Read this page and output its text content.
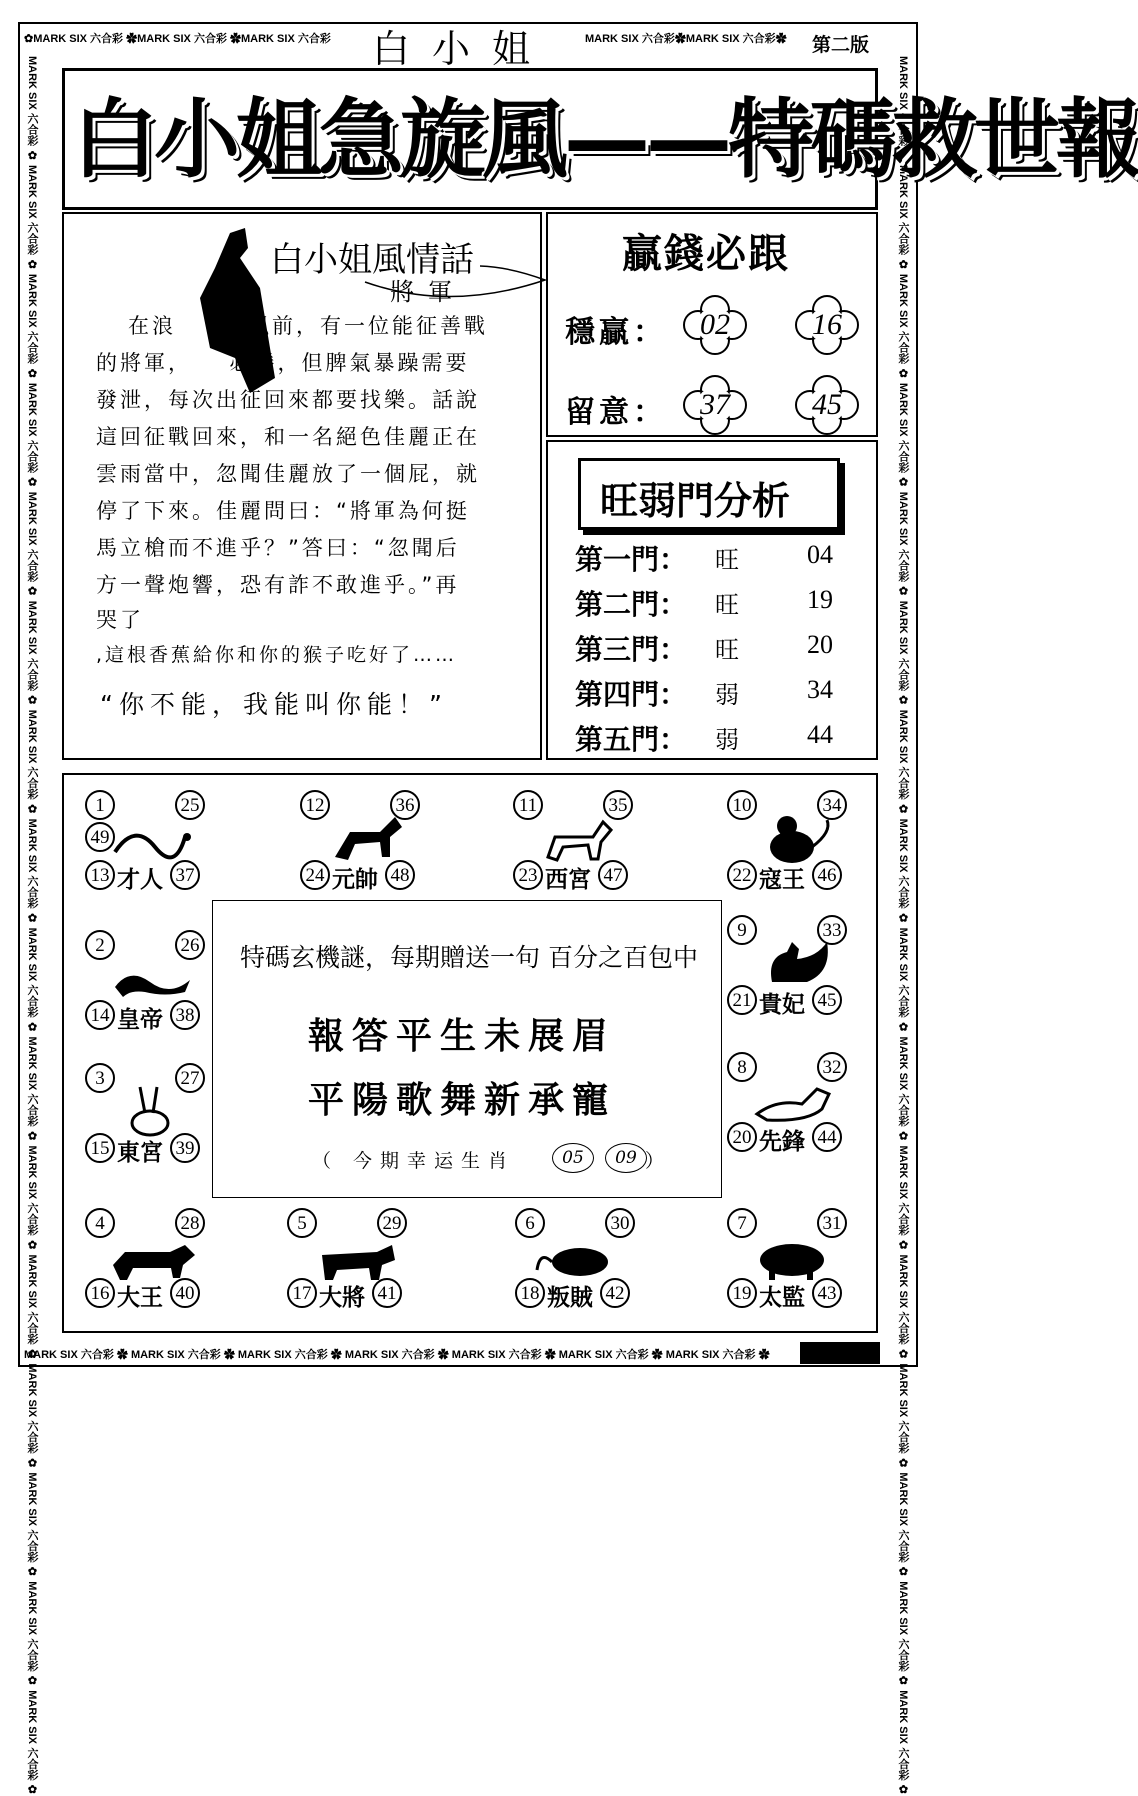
✿MARK SIX 六合彩 ✿MARK SIX 六合彩 ✿MARK SIX 六合彩	白小姐	MARK SIX 六合彩✿MARK SIX 六合彩✿	第二版
MARK SIX 六合彩 ✿ MARK SIX 六合彩 ✿ MARK SIX 六合彩 ✿ MARK SIX 六合彩 ✿ MARK SIX 六合彩 ✿ MARK SIX 六合彩 ✿ MARK SIX 六合彩 ✿ MARK SIX 六合彩 ✿ MARK SIX 六合彩 ✿ MARK SIX 六合彩 ✿ MARK SIX 六合彩 ✿ MARK SIX 六合彩 ✿ MARK SIX 六合彩 ✿ MARK SIX 六合彩 ✿ MARK SIX 六合彩 ✿ MARK SIX 六合彩 ✿	MARK SIX 六合彩 ✿ MARK SIX 六合彩 ✿ MARK SIX 六合彩 ✿ MARK SIX 六合彩 ✿ MARK SIX 六合彩 ✿ MARK SIX 六合彩 ✿ MARK SIX 六合彩 ✿ MARK SIX 六合彩 ✿ MARK SIX 六合彩 ✿ MARK SIX 六合彩 ✿ MARK SIX 六合彩 ✿ MARK SIX 六合彩 ✿ MARK SIX 六合彩 ✿ MARK SIX 六合彩 ✿ MARK SIX 六合彩 ✿ MARK SIX 六合彩 ✿
MARK SIX 六合彩 ✿ MARK SIX 六合彩 ✿ MARK SIX 六合彩 ✿ MARK SIX 六合彩 ✿ MARK SIX 六合彩 ✿ MARK SIX 六合彩 ✿ MARK SIX 六合彩 ✿
白小姐急旋風——特碼救世報
白小姐風情話
將軍
在浪　　久以前，有一位能征善戰
的將軍，　　必勝，但脾氣暴躁需要
發泄，每次出征回來都要找樂。話說
這回征戰回來，和一名絕色佳麗正在
雲雨當中，忽聞佳麗放了一個屁，就
停了下來。佳麗問曰：“將軍為何挺
馬立槍而不進乎？”答曰：“忽聞后
方一聲炮響，恐有詐不敢進乎。”再
哭了
,這根香蕉給你和你的猴子吃好了……
“你不能，我能叫你能！”
贏錢必跟
穩贏：	02	16
留意：	37	45
旺弱門分析
第一門： 旺	04
第二門： 旺	19
第三門： 旺	20
第四門： 弱	34
第五門： 弱	44
1	25
49
13 才人 37
12	36
24 元帥 48
11	35
23 西宮 47
10	34
22 寇王 46
2	26
14 皇帝 38
9	33
21 貴妃 45
3	27
15 東宮 39
8	32
20 先鋒 44
4	28
16 大王 40
5	29
17 大將 41
6	30
18 叛賊 42
7	31
19 太監 43
特碼玄機謎，每期贈送一句 百分之百包中
報答平生未展眉
平陽歌舞新承寵
（ 今期幸运生肖	05	09 ）
